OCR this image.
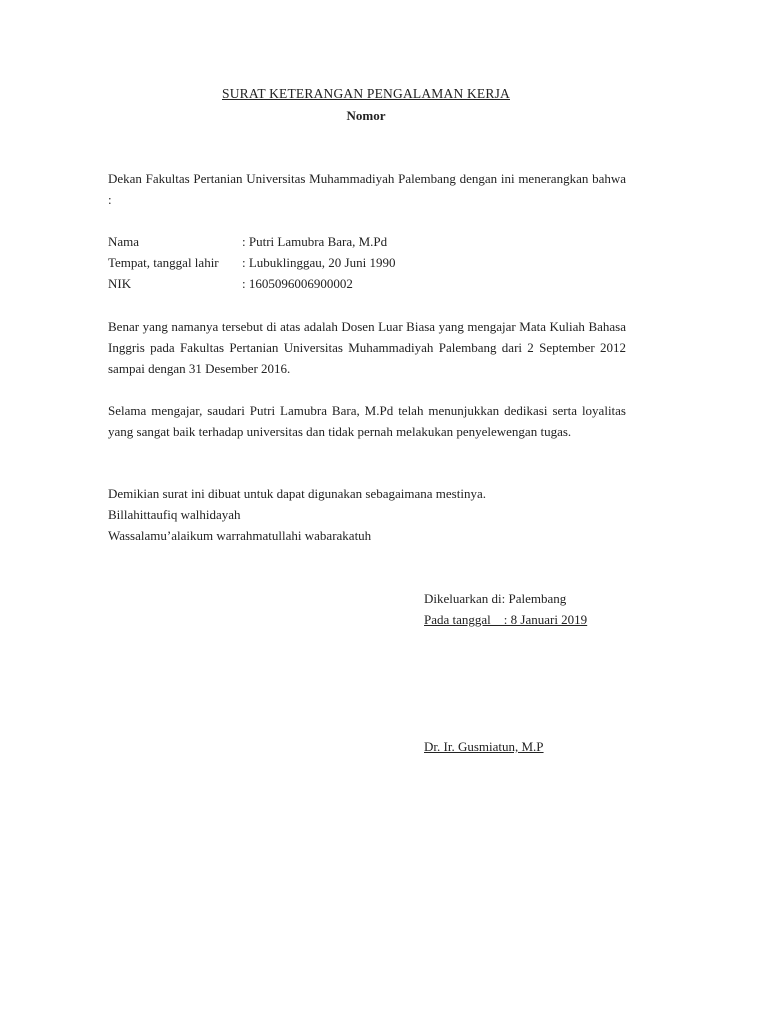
SURAT KETERANGAN PENGALAMAN KERJA
Nomor
Dekan Fakultas Pertanian Universitas Muhammadiyah Palembang dengan ini menerangkan bahwa :
Nama	: Putri Lamubra Bara, M.Pd
Tempat, tanggal lahir : Lubuklinggau, 20 Juni 1990
NIK	: 1605096006900002
Benar yang namanya tersebut di atas adalah Dosen Luar Biasa yang mengajar Mata Kuliah Bahasa Inggris pada Fakultas Pertanian Universitas Muhammadiyah Palembang dari 2 September 2012 sampai dengan 31 Desember 2016.
Selama mengajar, saudari Putri Lamubra Bara, M.Pd telah menunjukkan dedikasi serta loyalitas yang sangat baik terhadap universitas dan tidak pernah melakukan penyelewengan tugas.
Demikian surat ini dibuat untuk dapat digunakan sebagaimana mestinya.
Billahittaufiq walhidayah
Wassalamu’alaikum warrahmatullahi wabarakatuh
Dikeluarkan di: Palembang
Pada tanggal    : 8 Januari 2019
Dr. Ir. Gusmiatun, M.P
